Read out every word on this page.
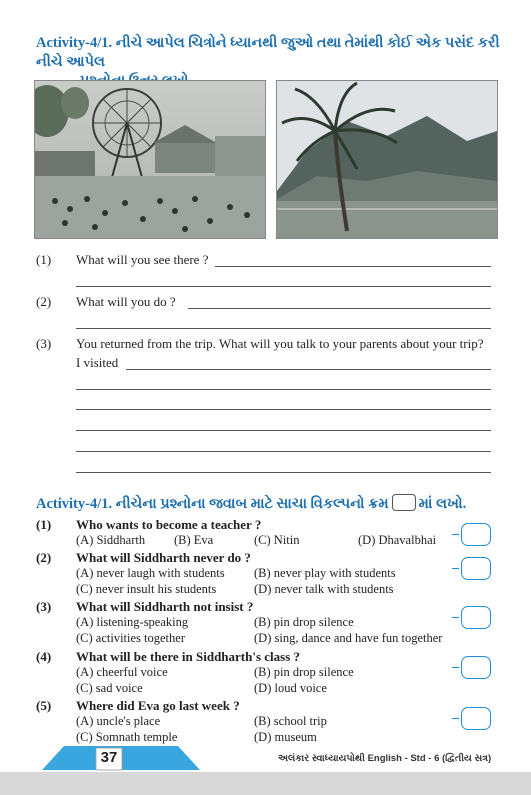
Activity-4/1. નીચે આપેલ ચિત્રોને ધ્યાનથી જુઓ તથા તેમાંથી કોઈ એક પસંદ કરી નીચે આપેલ
(1) What will you see there ?
(2) What will you do ?
(3) You returned from the trip. What will you talk to your parents about your trip?
I visited
Activity-4/1. નીચેના પ્રશ્નોના જવાબ માટે સાચા વિકલ્પનો ક્રમ માં લખો.
(1) Who wants to become a teacher ?
(A) Siddharth (B) Eva	(C) Nitin	(D) Dhavalbhai
(2) What will Siddharth never do ?
(A) never laugh with students (B) never play with students
(C) never insult his students	(D) never talk with students
(3) What will Siddharth not insist ?
(A) listening-speaking	(B) pin drop silence
(C) activities together	(D) sing, dance and have fun together
(4) What will be there in Siddharth's class ?
(A) cheerful voice	(B) pin drop silence
(C) sad voice	(D) loud voice
(5) Where did Eva go last week ?
(A) uncle's place	(B) school trip
(C) Somnath temple	(D) museum
37	અલંકાર સ્વાધ્યાયપોથી English - Std - 6 (દ્વિતીય સત્ર)
